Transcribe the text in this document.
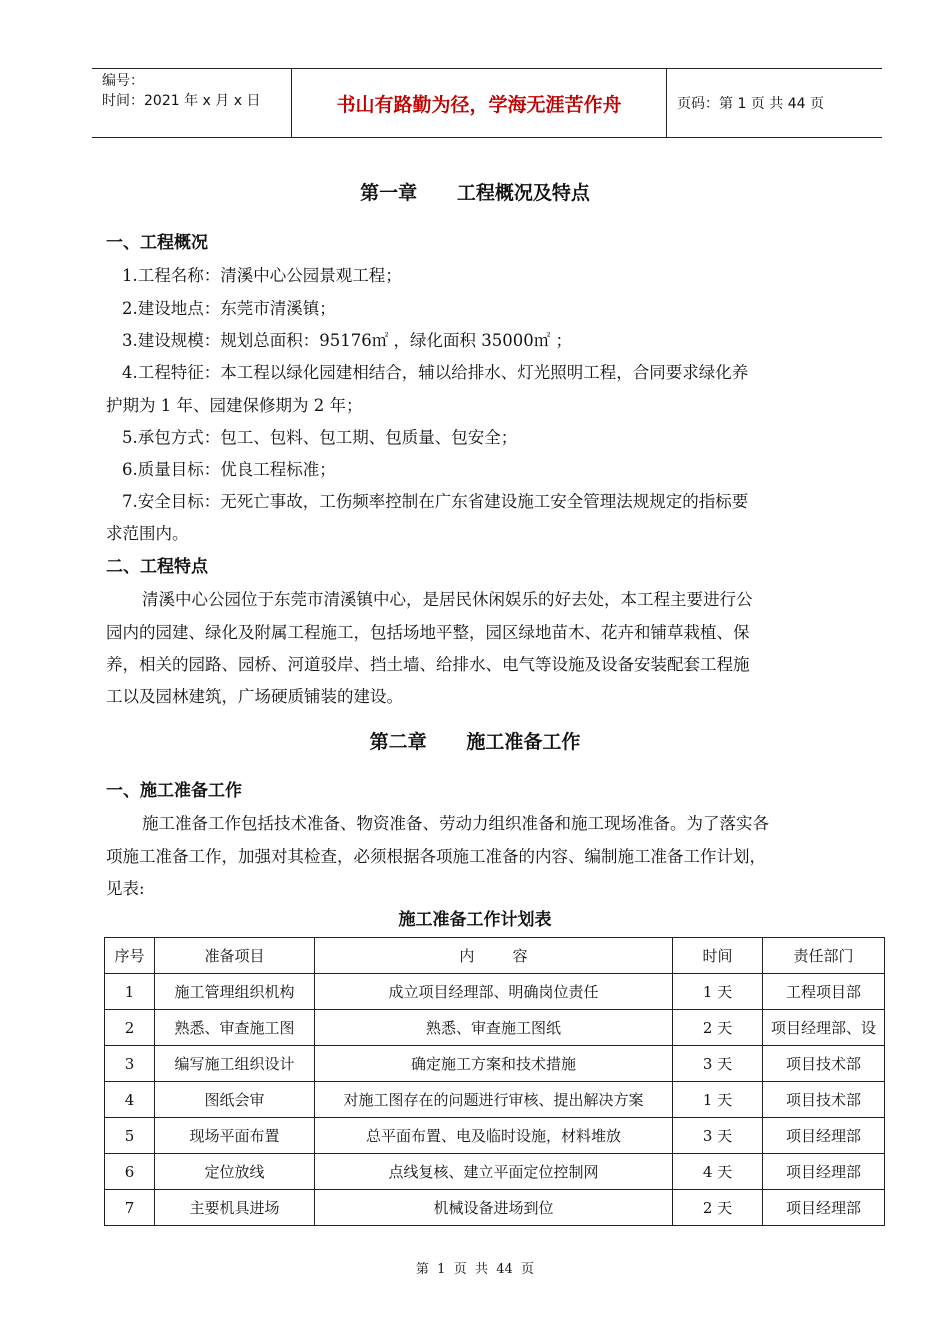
编号：
时间：2021 年 x 月 x 日	书山有路勤为径，学海无涯苦作舟	页码：第 1 页 共 44 页
第一章      工程概况及特点
一、工程概况
1.工程名称：清溪中心公园景观工程；
2.建设地点：东莞市清溪镇；
3.建设规模：规划总面积：95176㎡ ，绿化面积 35000㎡ ；
4.工程特征：本工程以绿化园建相结合，辅以给排水、灯光照明工程，合同要求绿化养
护期为 1 年、园建保修期为 2 年；
5.承包方式：包工、包料、包工期、包质量、包安全；
6.质量目标：优良工程标准；
7.安全目标：无死亡事故，工伤频率控制在广东省建设施工安全管理法规规定的指标要
求范围内。
二、工程特点
清溪中心公园位于东莞市清溪镇中心，是居民休闲娱乐的好去处，本工程主要进行公
园内的园建、绿化及附属工程施工，包括场地平整，园区绿地苗木、花卉和铺草栽植、保
养，相关的园路、园桥、河道驳岸、挡土墙、给排水、电气等设施及设备安装配套工程施
工以及园林建筑，广场硬质铺装的建设。
第二章      施工准备工作
一、施工准备工作
施工准备工作包括技术准备、物资准备、劳动力组织准备和施工现场准备。为了落实各
项施工准备工作，加强对其检查，必须根据各项施工准备的内容、编制施工准备工作计划，
见表:
施工准备工作计划表
序号	准备项目	内        容	时间	责任部门
1	施工管理组织机构	成立项目经理部、明确岗位责任	1 天	工程项目部
2	熟悉、审查施工图	熟悉、审查施工图纸	2 天	项目经理部、设
3	编写施工组织设计	确定施工方案和技术措施	3 天	项目技术部
4	图纸会审	对施工图存在的问题进行审核、提出解决方案	1 天	项目技术部
5	现场平面布置	总平面布置、电及临时设施，材料堆放	3 天	项目经理部
6	定位放线	点线复核、建立平面定位控制网	4 天	项目经理部
7	主要机具进场	机械设备进场到位	2 天	项目经理部
第  1  页  共  44  页
